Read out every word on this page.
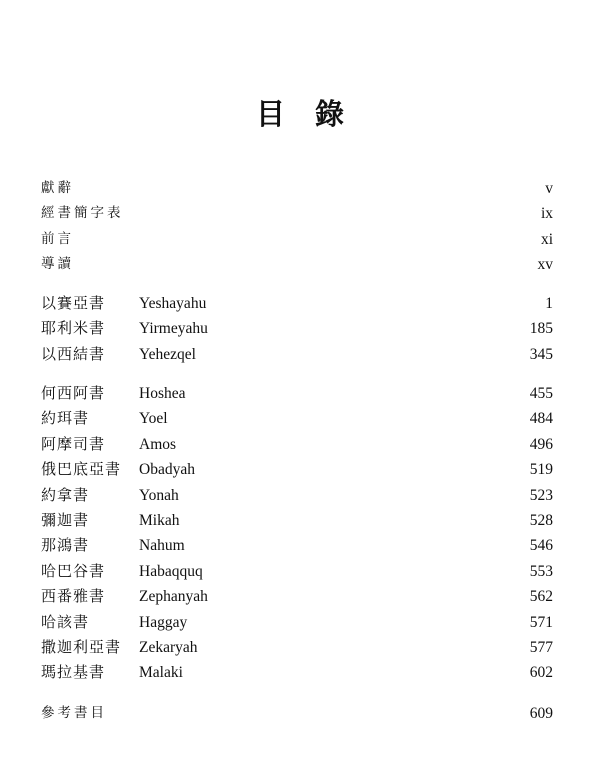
目 錄
獻辭	v
經書簡字表	ix
前言	xi
導讀	xv
以賽亞書 Yeshayahu	1
耶利米書 Yirmeyahu	185
以西結書 Yehezqel	345
何西阿書 Hoshea	455
約珥書	Yoel	484
阿摩司書 Amos	496
俄巴底亞書 Obadyah	519
約拿書	Yonah	523
彌迦書	Mikah	528
那鴻書	Nahum	546
哈巴谷書 Habaqquq	553
西番雅書 Zephanyah	562
哈該書	Haggay	571
撒迦利亞書 Zekaryah	577
瑪拉基書 Malaki	602
參考書目	609
